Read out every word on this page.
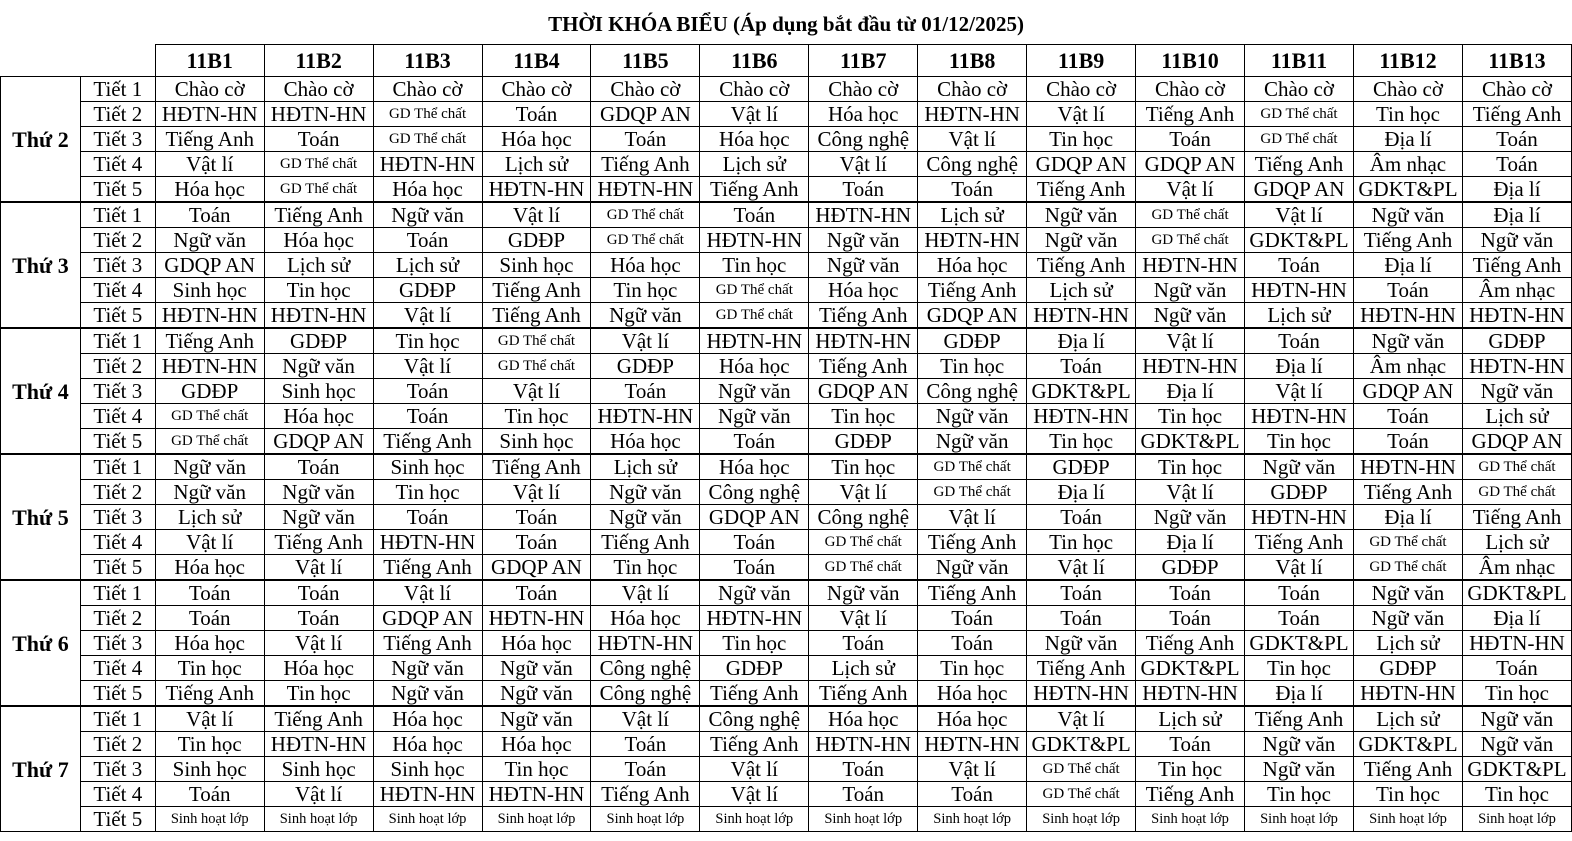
THỜI KHÓA BIỂU (Áp dụng bắt đầu từ 01/12/2025)
		11B1	11B2	11B3	11B4	11B5	11B6	11B7	11B8	11B9	11B10	11B11	11B12	11B13
Thứ 2	Tiết 1	Chào cờ	Chào cờ	Chào cờ	Chào cờ	Chào cờ	Chào cờ	Chào cờ	Chào cờ	Chào cờ	Chào cờ	Chào cờ	Chào cờ	Chào cờ
	Tiết 2	HĐTN-HN	HĐTN-HN	GD Thể chất	Toán	GDQP AN	Vật lí	Hóa học	HĐTN-HN	Vật lí	Tiếng Anh	GD Thể chất	Tin học	Tiếng Anh
	Tiết 3	Tiếng Anh	Toán	GD Thể chất	Hóa học	Toán	Hóa học	Công nghệ	Vật lí	Tin học	Toán	GD Thể chất	Địa lí	Toán
	Tiết 4	Vật lí	GD Thể chất	HĐTN-HN	Lịch sử	Tiếng Anh	Lịch sử	Vật lí	Công nghệ	GDQP AN	GDQP AN	Tiếng Anh	Âm nhạc	Toán
	Tiết 5	Hóa học	GD Thể chất	Hóa học	HĐTN-HN	HĐTN-HN	Tiếng Anh	Toán	Toán	Tiếng Anh	Vật lí	GDQP AN	GDKT&PL	Địa lí
Thứ 3	Tiết 1	Toán	Tiếng Anh	Ngữ văn	Vật lí	GD Thể chất	Toán	HĐTN-HN	Lịch sử	Ngữ văn	GD Thể chất	Vật lí	Ngữ văn	Địa lí
	Tiết 2	Ngữ văn	Hóa học	Toán	GDĐP	GD Thể chất	HĐTN-HN	Ngữ văn	HĐTN-HN	Ngữ văn	GD Thể chất	GDKT&PL	Tiếng Anh	Ngữ văn
	Tiết 3	GDQP AN	Lịch sử	Lịch sử	Sinh học	Hóa học	Tin học	Ngữ văn	Hóa học	Tiếng Anh	HĐTN-HN	Toán	Địa lí	Tiếng Anh
	Tiết 4	Sinh học	Tin học	GDĐP	Tiếng Anh	Tin học	GD Thể chất	Hóa học	Tiếng Anh	Lịch sử	Ngữ văn	HĐTN-HN	Toán	Âm nhạc
	Tiết 5	HĐTN-HN	HĐTN-HN	Vật lí	Tiếng Anh	Ngữ văn	GD Thể chất	Tiếng Anh	GDQP AN	HĐTN-HN	Ngữ văn	Lịch sử	HĐTN-HN	HĐTN-HN
Thứ 4	Tiết 1	Tiếng Anh	GDĐP	Tin học	GD Thể chất	Vật lí	HĐTN-HN	HĐTN-HN	GDĐP	Địa lí	Vật lí	Toán	Ngữ văn	GDĐP
	Tiết 2	HĐTN-HN	Ngữ văn	Vật lí	GD Thể chất	GDĐP	Hóa học	Tiếng Anh	Tin học	Toán	HĐTN-HN	Địa lí	Âm nhạc	HĐTN-HN
	Tiết 3	GDĐP	Sinh học	Toán	Vật lí	Toán	Ngữ văn	GDQP AN	Công nghệ	GDKT&PL	Địa lí	Vật lí	GDQP AN	Ngữ văn
	Tiết 4	GD Thể chất	Hóa học	Toán	Tin học	HĐTN-HN	Ngữ văn	Tin học	Ngữ văn	HĐTN-HN	Tin học	HĐTN-HN	Toán	Lịch sử
	Tiết 5	GD Thể chất	GDQP AN	Tiếng Anh	Sinh học	Hóa học	Toán	GDĐP	Ngữ văn	Tin học	GDKT&PL	Tin học	Toán	GDQP AN
Thứ 5	Tiết 1	Ngữ văn	Toán	Sinh học	Tiếng Anh	Lịch sử	Hóa học	Tin học	GD Thể chất	GDĐP	Tin học	Ngữ văn	HĐTN-HN	GD Thể chất
	Tiết 2	Ngữ văn	Ngữ văn	Tin học	Vật lí	Ngữ văn	Công nghệ	Vật lí	GD Thể chất	Địa lí	Vật lí	GDĐP	Tiếng Anh	GD Thể chất
	Tiết 3	Lịch sử	Ngữ văn	Toán	Toán	Ngữ văn	GDQP AN	Công nghệ	Vật lí	Toán	Ngữ văn	HĐTN-HN	Địa lí	Tiếng Anh
	Tiết 4	Vật lí	Tiếng Anh	HĐTN-HN	Toán	Tiếng Anh	Toán	GD Thể chất	Tiếng Anh	Tin học	Địa lí	Tiếng Anh	GD Thể chất	Lịch sử
	Tiết 5	Hóa học	Vật lí	Tiếng Anh	GDQP AN	Tin học	Toán	GD Thể chất	Ngữ văn	Vật lí	GDĐP	Vật lí	GD Thể chất	Âm nhạc
Thứ 6	Tiết 1	Toán	Toán	Vật lí	Toán	Vật lí	Ngữ văn	Ngữ văn	Tiếng Anh	Toán	Toán	Toán	Ngữ văn	GDKT&PL
	Tiết 2	Toán	Toán	GDQP AN	HĐTN-HN	Hóa học	HĐTN-HN	Vật lí	Toán	Toán	Toán	Toán	Ngữ văn	Địa lí
	Tiết 3	Hóa học	Vật lí	Tiếng Anh	Hóa học	HĐTN-HN	Tin học	Toán	Toán	Ngữ văn	Tiếng Anh	GDKT&PL	Lịch sử	HĐTN-HN
	Tiết 4	Tin học	Hóa học	Ngữ văn	Ngữ văn	Công nghệ	GDĐP	Lịch sử	Tin học	Tiếng Anh	GDKT&PL	Tin học	GDĐP	Toán
	Tiết 5	Tiếng Anh	Tin học	Ngữ văn	Ngữ văn	Công nghệ	Tiếng Anh	Tiếng Anh	Hóa học	HĐTN-HN	HĐTN-HN	Địa lí	HĐTN-HN	Tin học
Thứ 7	Tiết 1	Vật lí	Tiếng Anh	Hóa học	Ngữ văn	Vật lí	Công nghệ	Hóa học	Hóa học	Vật lí	Lịch sử	Tiếng Anh	Lịch sử	Ngữ văn
	Tiết 2	Tin học	HĐTN-HN	Hóa học	Hóa học	Toán	Tiếng Anh	HĐTN-HN	HĐTN-HN	GDKT&PL	Toán	Ngữ văn	GDKT&PL	Ngữ văn
	Tiết 3	Sinh học	Sinh học	Sinh học	Tin học	Toán	Vật lí	Toán	Vật lí	GD Thể chất	Tin học	Ngữ văn	Tiếng Anh	GDKT&PL
	Tiết 4	Toán	Vật lí	HĐTN-HN	HĐTN-HN	Tiếng Anh	Vật lí	Toán	Toán	GD Thể chất	Tiếng Anh	Tin học	Tin học	Tin học
	Tiết 5	Sinh hoạt lớp	Sinh hoạt lớp	Sinh hoạt lớp	Sinh hoạt lớp	Sinh hoạt lớp	Sinh hoạt lớp	Sinh hoạt lớp	Sinh hoạt lớp	Sinh hoạt lớp	Sinh hoạt lớp	Sinh hoạt lớp	Sinh hoạt lớp	Sinh hoạt lớp
